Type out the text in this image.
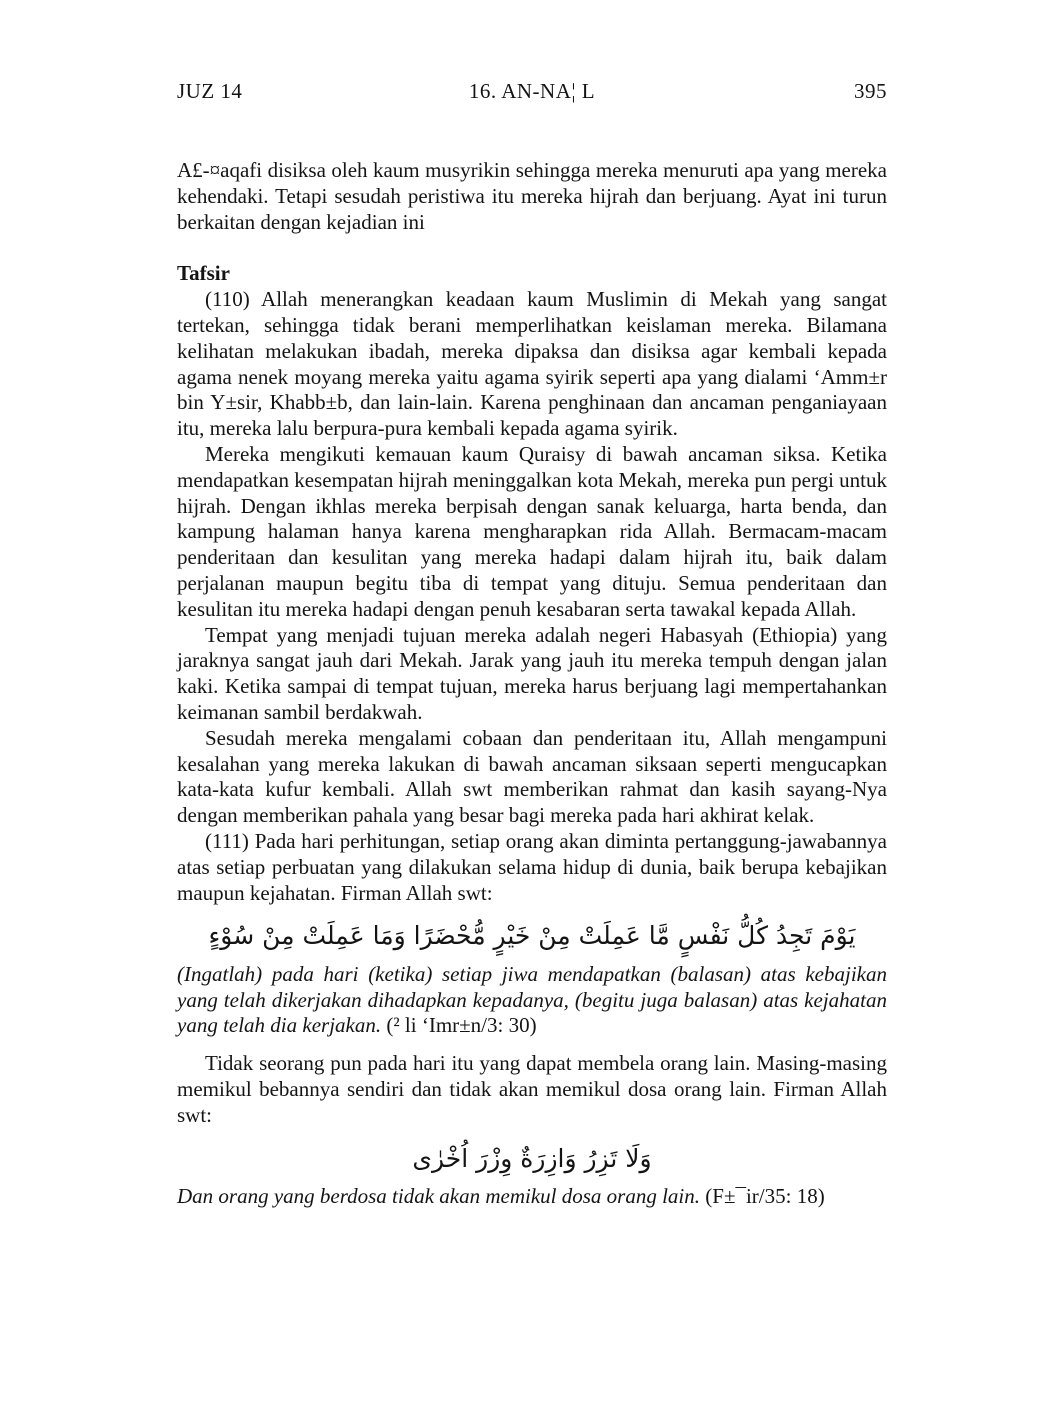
JUZ 14	16. AN-NA¦ L	395

A£-¤aqafi disiksa oleh kaum musyrikin sehingga mereka menuruti apa yang mereka kehendaki. Tetapi sesudah peristiwa itu mereka hijrah dan berjuang. Ayat ini turun berkaitan dengan kejadian ini

Tafsir

(110) Allah menerangkan keadaan kaum Muslimin di Mekah yang sangat tertekan, sehingga tidak berani memperlihatkan keislaman mereka. Bilamana kelihatan melakukan ibadah, mereka dipaksa dan disiksa agar kembali kepada agama nenek moyang mereka yaitu agama syirik seperti apa yang dialami ‘Amm±r bin Y±sir, Khabb±b, dan lain-lain. Karena penghinaan dan ancaman penganiayaan itu, mereka lalu berpura-pura kembali kepada agama syirik.

Mereka mengikuti kemauan kaum Quraisy di bawah ancaman siksa. Ketika mendapatkan kesempatan hijrah meninggalkan kota Mekah, mereka pun pergi untuk hijrah. Dengan ikhlas mereka berpisah dengan sanak keluarga, harta benda, dan kampung halaman hanya karena mengharapkan rida Allah. Bermacam-macam penderitaan dan kesulitan yang mereka hadapi dalam hijrah itu, baik dalam perjalanan maupun begitu tiba di tempat yang dituju. Semua penderitaan dan kesulitan itu mereka hadapi dengan penuh kesabaran serta tawakal kepada Allah.

Tempat yang menjadi tujuan mereka adalah negeri Habasyah (Ethiopia) yang jaraknya sangat jauh dari Mekah. Jarak yang jauh itu mereka tempuh dengan jalan kaki. Ketika sampai di tempat tujuan, mereka harus berjuang lagi mempertahankan keimanan sambil berdakwah.

Sesudah mereka mengalami cobaan dan penderitaan itu, Allah mengampuni kesalahan yang mereka lakukan di bawah ancaman siksaan seperti mengucapkan kata-kata kufur kembali. Allah swt memberikan rahmat dan kasih sayang-Nya dengan memberikan pahala yang besar bagi mereka pada hari akhirat kelak.

(111) Pada hari perhitungan, setiap orang akan diminta pertanggung-jawabannya atas setiap perbuatan yang dilakukan selama hidup di dunia, baik berupa kebajikan maupun kejahatan. Firman Allah swt:

يَوْمَ تَجِدُ كُلُّ نَفْسٍ مَّا عَمِلَتْ مِنْ خَيْرٍ مُّحْضَرًا وَمَا عَمِلَتْ مِنْ سُوْءٍ

(Ingatlah) pada hari (ketika) setiap jiwa mendapatkan (balasan) atas kebajikan yang telah dikerjakan dihadapkan kepadanya, (begitu juga balasan) atas kejahatan yang telah dia kerjakan. (² li ‘Imr±n/3: 30)

Tidak seorang pun pada hari itu yang dapat membela orang lain. Masing-masing memikul bebannya sendiri dan tidak akan memikul dosa orang lain. Firman Allah swt:

وَلَا تَزِرُ وَازِرَةٌ وِزْرَ اُخْرٰى

Dan orang yang berdosa tidak akan memikul dosa orang lain. (F±¯ir/35: 18)
